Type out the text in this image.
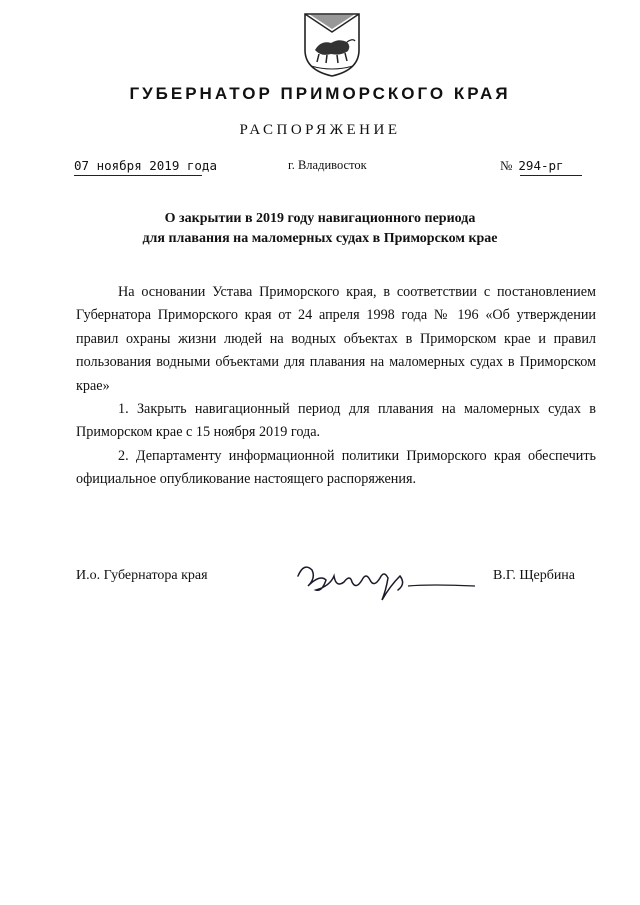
ГУБЕРНАТОР ПРИМОРСКОГО КРАЯ
РАСПОРЯЖЕНИЕ
07 ноября 2019 года	г. Владивосток	№ 294-рг
О закрытии в 2019 году навигационного периода
для плавания на маломерных судах в Приморском крае

На основании Устава Приморского края, в соответствии с постановлением Губернатора Приморского края от 24 апреля 1998 года № 196 «Об утверждении правил охраны жизни людей на водных объектах в Приморском крае и правил пользования водными объектами для плавания на маломерных судах в Приморском крае»

1. Закрыть навигационный период для плавания на маломерных судах в Приморском крае с 15 ноября 2019 года.

2. Департаменту информационной политики Приморского края обеспечить официальное опубликование настоящего распоряжения.

И.о. Губернатора края	В.Г. Щербина
